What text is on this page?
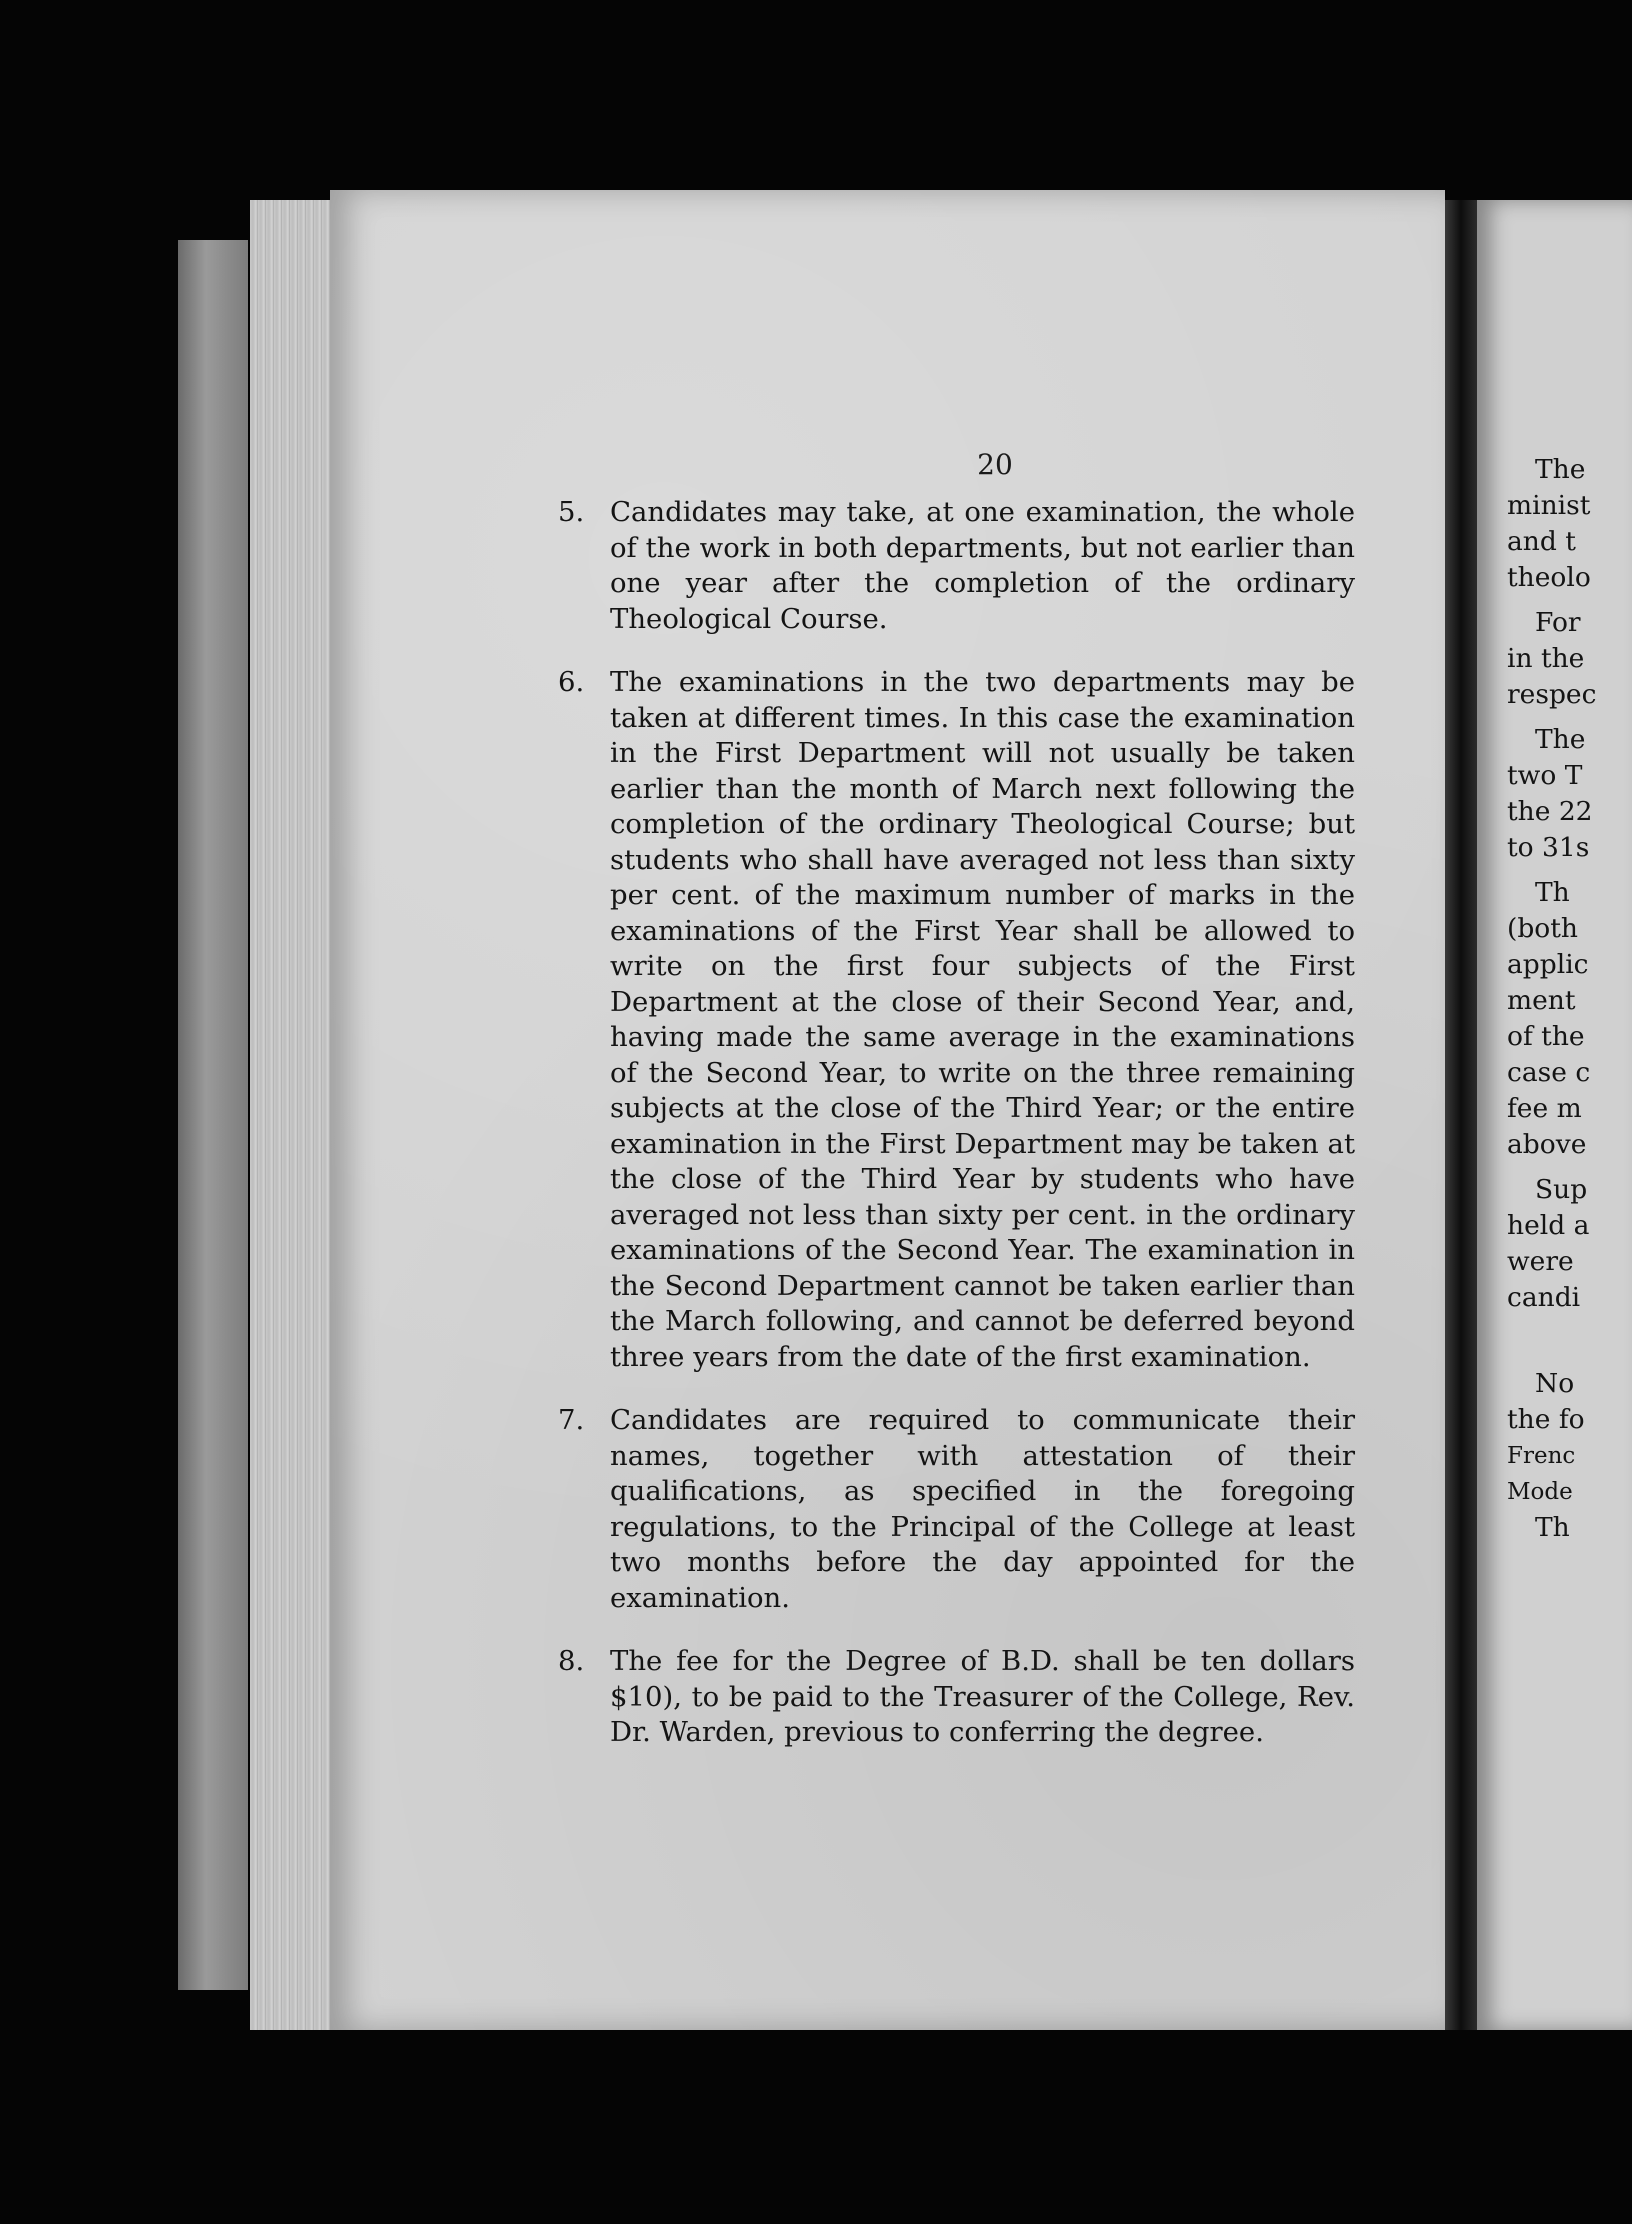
20
5. Candidates may take, at one examination, the whole of the work in both departments, but not earlier than one year after the completion of the ordinary Theological Course.
6. The examinations in the two departments may be taken at different times. In this case the examination in the First Department will not usually be taken earlier than the month of March next following the completion of the ordinary Theological Course; but students who shall have averaged not less than sixty per cent. of the maximum number of marks in the examinations of the First Year shall be allowed to write on the first four subjects of the First Department at the close of their Second Year, and, having made the same average in the examinations of the Second Year, to write on the three remaining subjects at the close of the Third Year; or the entire examination in the First Department may be taken at the close of the Third Year by students who have averaged not less than sixty per cent. in the ordinary examinations of the Second Year. The examination in the Second Department cannot be taken earlier than the March following, and cannot be deferred beyond three years from the date of the first examination.
7. Candidates are required to communicate their names, together with attestation of their qualifications, as specified in the foregoing regulations, to the Principal of the College at least two months before the day appointed for the examination.
8. The fee for the Degree of B.D. shall be ten dollars $10), to be paid to the Treasurer of the College, Rev. Dr. Warden, previous to conferring the degree.
The
minist
and t
theolo
For
in the
respec
The
two T
the 22
to 31s
Th
(both
applic
ment
of the
case c
fee m
above
Sup
held a
were
candi
No
the fo
Frenc
Mode
Th
